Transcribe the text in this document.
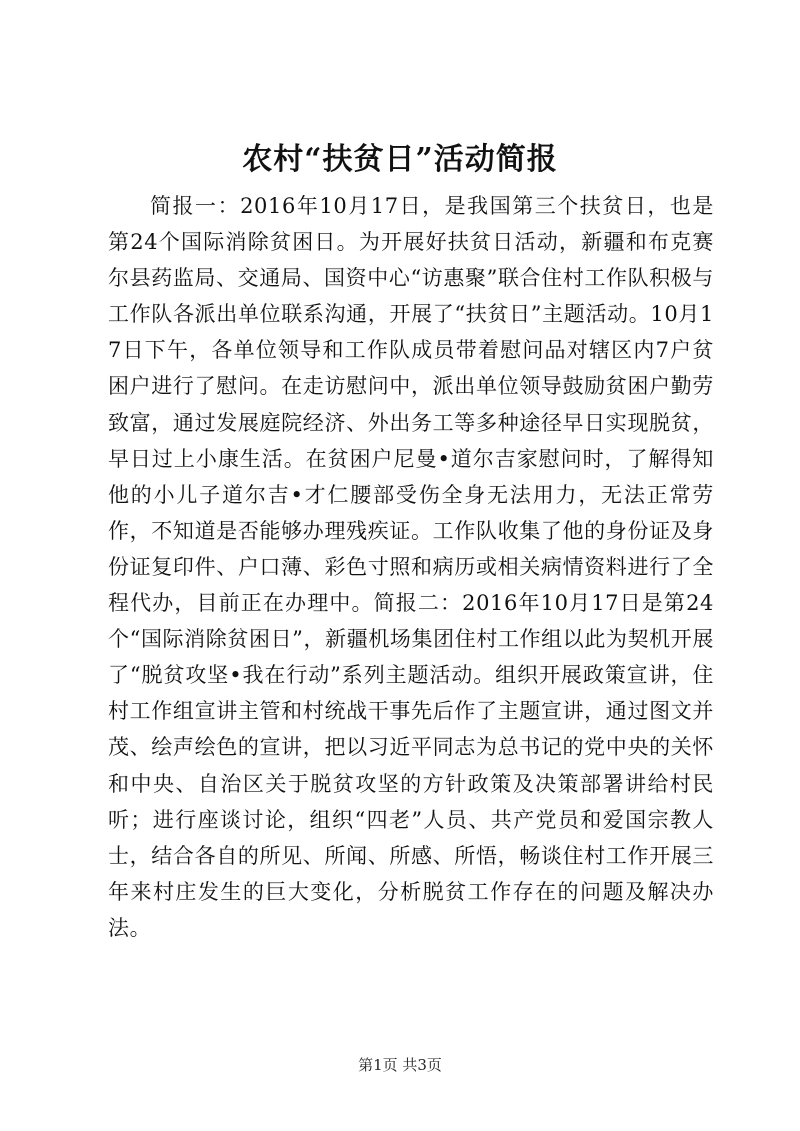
农村“扶贫日”活动简报

简报一：2016年10月17日，是我国第三个扶贫日，也是第24个国际消除贫困日。为开展好扶贫日活动，新疆和布克赛尔县药监局、交通局、国资中心“访惠聚”联合住村工作队积极与工作队各派出单位联系沟通，开展了“扶贫日”主题活动。10月17日下午，各单位领导和工作队成员带着慰问品对辖区内7户贫困户进行了慰问。在走访慰问中，派出单位领导鼓励贫困户勤劳致富，通过发展庭院经济、外出务工等多种途径早日实现脱贫，早日过上小康生活。在贫困户尼曼•道尔吉家慰问时，了解得知他的小儿子道尔吉•才仁腰部受伤全身无法用力，无法正常劳作，不知道是否能够办理残疾证。工作队收集了他的身份证及身份证复印件、户口薄、彩色寸照和病历或相关病情资料进行了全程代办，目前正在办理中。简报二：2016年10月17日是第24个“国际消除贫困日”，新疆机场集团住村工作组以此为契机开展了“脱贫攻坚•我在行动”系列主题活动。组织开展政策宣讲，住村工作组宣讲主管和村统战干事先后作了主题宣讲，通过图文并茂、绘声绘色的宣讲，把以习近平同志为总书记的党中央的关怀和中央、自治区关于脱贫攻坚的方针政策及决策部署讲给村民听；进行座谈讨论，组织“四老”人员、共产党员和爱国宗教人士，结合各自的所见、所闻、所感、所悟，畅谈住村工作开展三年来村庄发生的巨大变化，分析脱贫工作存在的问题及解决办法。

第1页 共3页
